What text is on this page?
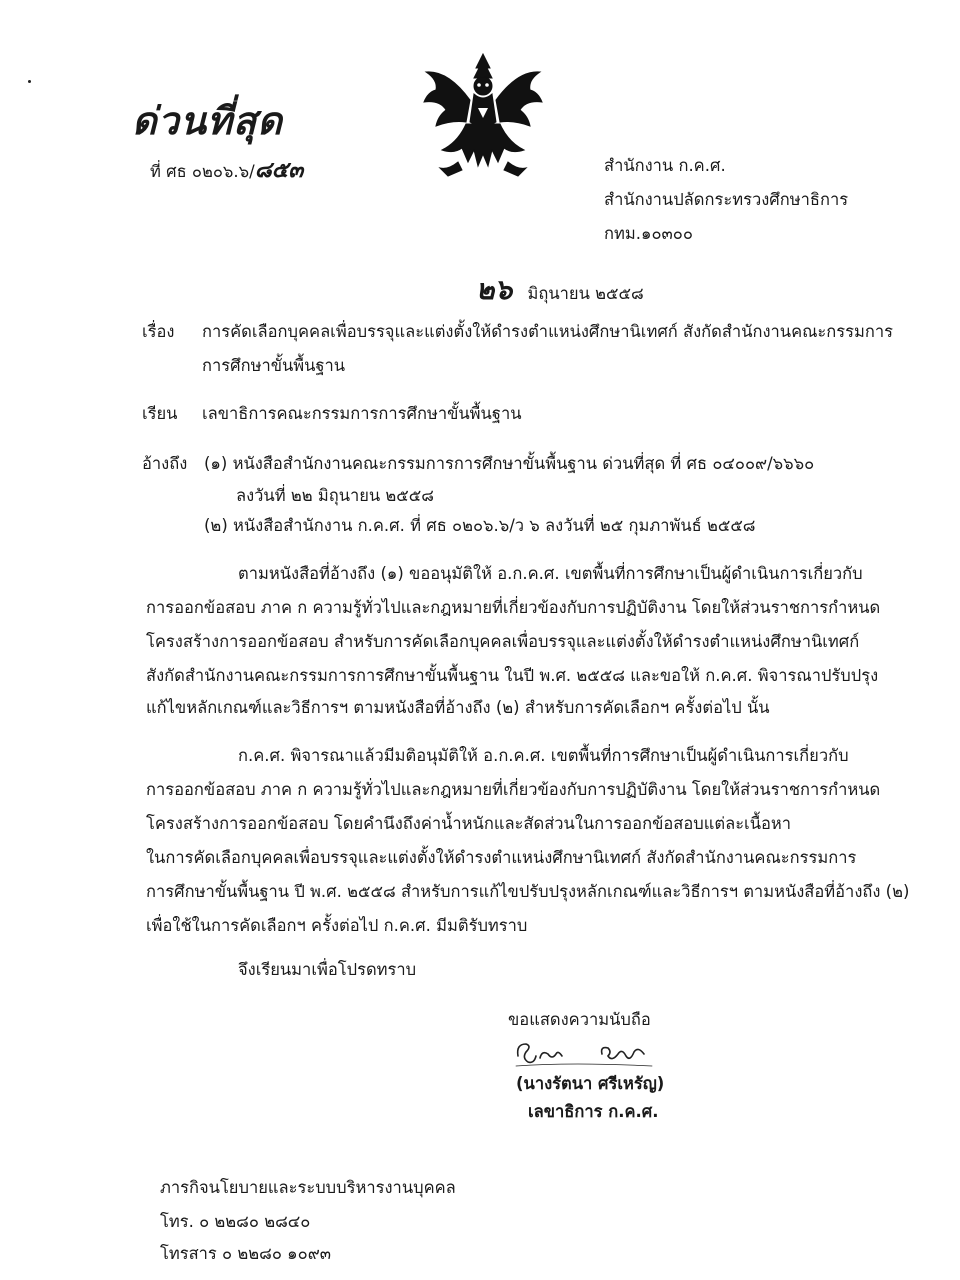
ด่วนที่สุด
ที่ ศธ ๐๒๐๖.๖/๘๕๓	สำนักงาน ก.ค.ศ.
สำนักงานปลัดกระทรวงศึกษาธิการ
กทม.๑๐๓๐๐
๒๖ มิถุนายน ๒๕๕๘
เรื่อง การคัดเลือกบุคคลเพื่อบรรจุและแต่งตั้งให้ดำรงตำแหน่งศึกษานิเทศก์ สังกัดสำนักงานคณะกรรมการ
การศึกษาขั้นพื้นฐาน
เรียน เลขาธิการคณะกรรมการการศึกษาขั้นพื้นฐาน
อ้างถึง (๑) หนังสือสำนักงานคณะกรรมการการศึกษาขั้นพื้นฐาน ด่วนที่สุด ที่ ศธ ๐๔๐๐๙/๖๖๖๐
ลงวันที่ ๒๒ มิถุนายน ๒๕๕๘
(๒) หนังสือสำนักงาน ก.ค.ศ. ที่ ศธ ๐๒๐๖.๖/ว ๖ ลงวันที่ ๒๕ กุมภาพันธ์ ๒๕๕๘
ตามหนังสือที่อ้างถึง (๑) ขออนุมัติให้ อ.ก.ค.ศ. เขตพื้นที่การศึกษาเป็นผู้ดำเนินการเกี่ยวกับ
การออกข้อสอบ ภาค ก ความรู้ทั่วไปและกฎหมายที่เกี่ยวข้องกับการปฏิบัติงาน โดยให้ส่วนราชการกำหนด
โครงสร้างการออกข้อสอบ สำหรับการคัดเลือกบุคคลเพื่อบรรจุและแต่งตั้งให้ดำรงตำแหน่งศึกษานิเทศก์
สังกัดสำนักงานคณะกรรมการการศึกษาขั้นพื้นฐาน ในปี พ.ศ. ๒๕๕๘ และขอให้ ก.ค.ศ. พิจารณาปรับปรุง
แก้ไขหลักเกณฑ์และวิธีการฯ ตามหนังสือที่อ้างถึง (๒) สำหรับการคัดเลือกฯ ครั้งต่อไป นั้น
ก.ค.ศ. พิจารณาแล้วมีมติอนุมัติให้ อ.ก.ค.ศ. เขตพื้นที่การศึกษาเป็นผู้ดำเนินการเกี่ยวกับ
การออกข้อสอบ ภาค ก ความรู้ทั่วไปและกฎหมายที่เกี่ยวข้องกับการปฏิบัติงาน โดยให้ส่วนราชการกำหนด
โครงสร้างการออกข้อสอบ โดยคำนึงถึงค่าน้ำหนักและสัดส่วนในการออกข้อสอบแต่ละเนื้อหา
ในการคัดเลือกบุคคลเพื่อบรรจุและแต่งตั้งให้ดำรงตำแหน่งศึกษานิเทศก์ สังกัดสำนักงานคณะกรรมการ
การศึกษาขั้นพื้นฐาน ปี พ.ศ. ๒๕๕๘ สำหรับการแก้ไขปรับปรุงหลักเกณฑ์และวิธีการฯ ตามหนังสือที่อ้างถึง (๒)
เพื่อใช้ในการคัดเลือกฯ ครั้งต่อไป ก.ค.ศ. มีมติรับทราบ
จึงเรียนมาเพื่อโปรดทราบ
ขอแสดงความนับถือ
(นางรัตนา ศรีเหรัญ)
เลขาธิการ ก.ค.ศ.
ภารกิจนโยบายและระบบบริหารงานบุคคล
โทร. ๐ ๒๒๘๐ ๒๘๔๐
โทรสาร ๐ ๒๒๘๐ ๑๐๙๓
